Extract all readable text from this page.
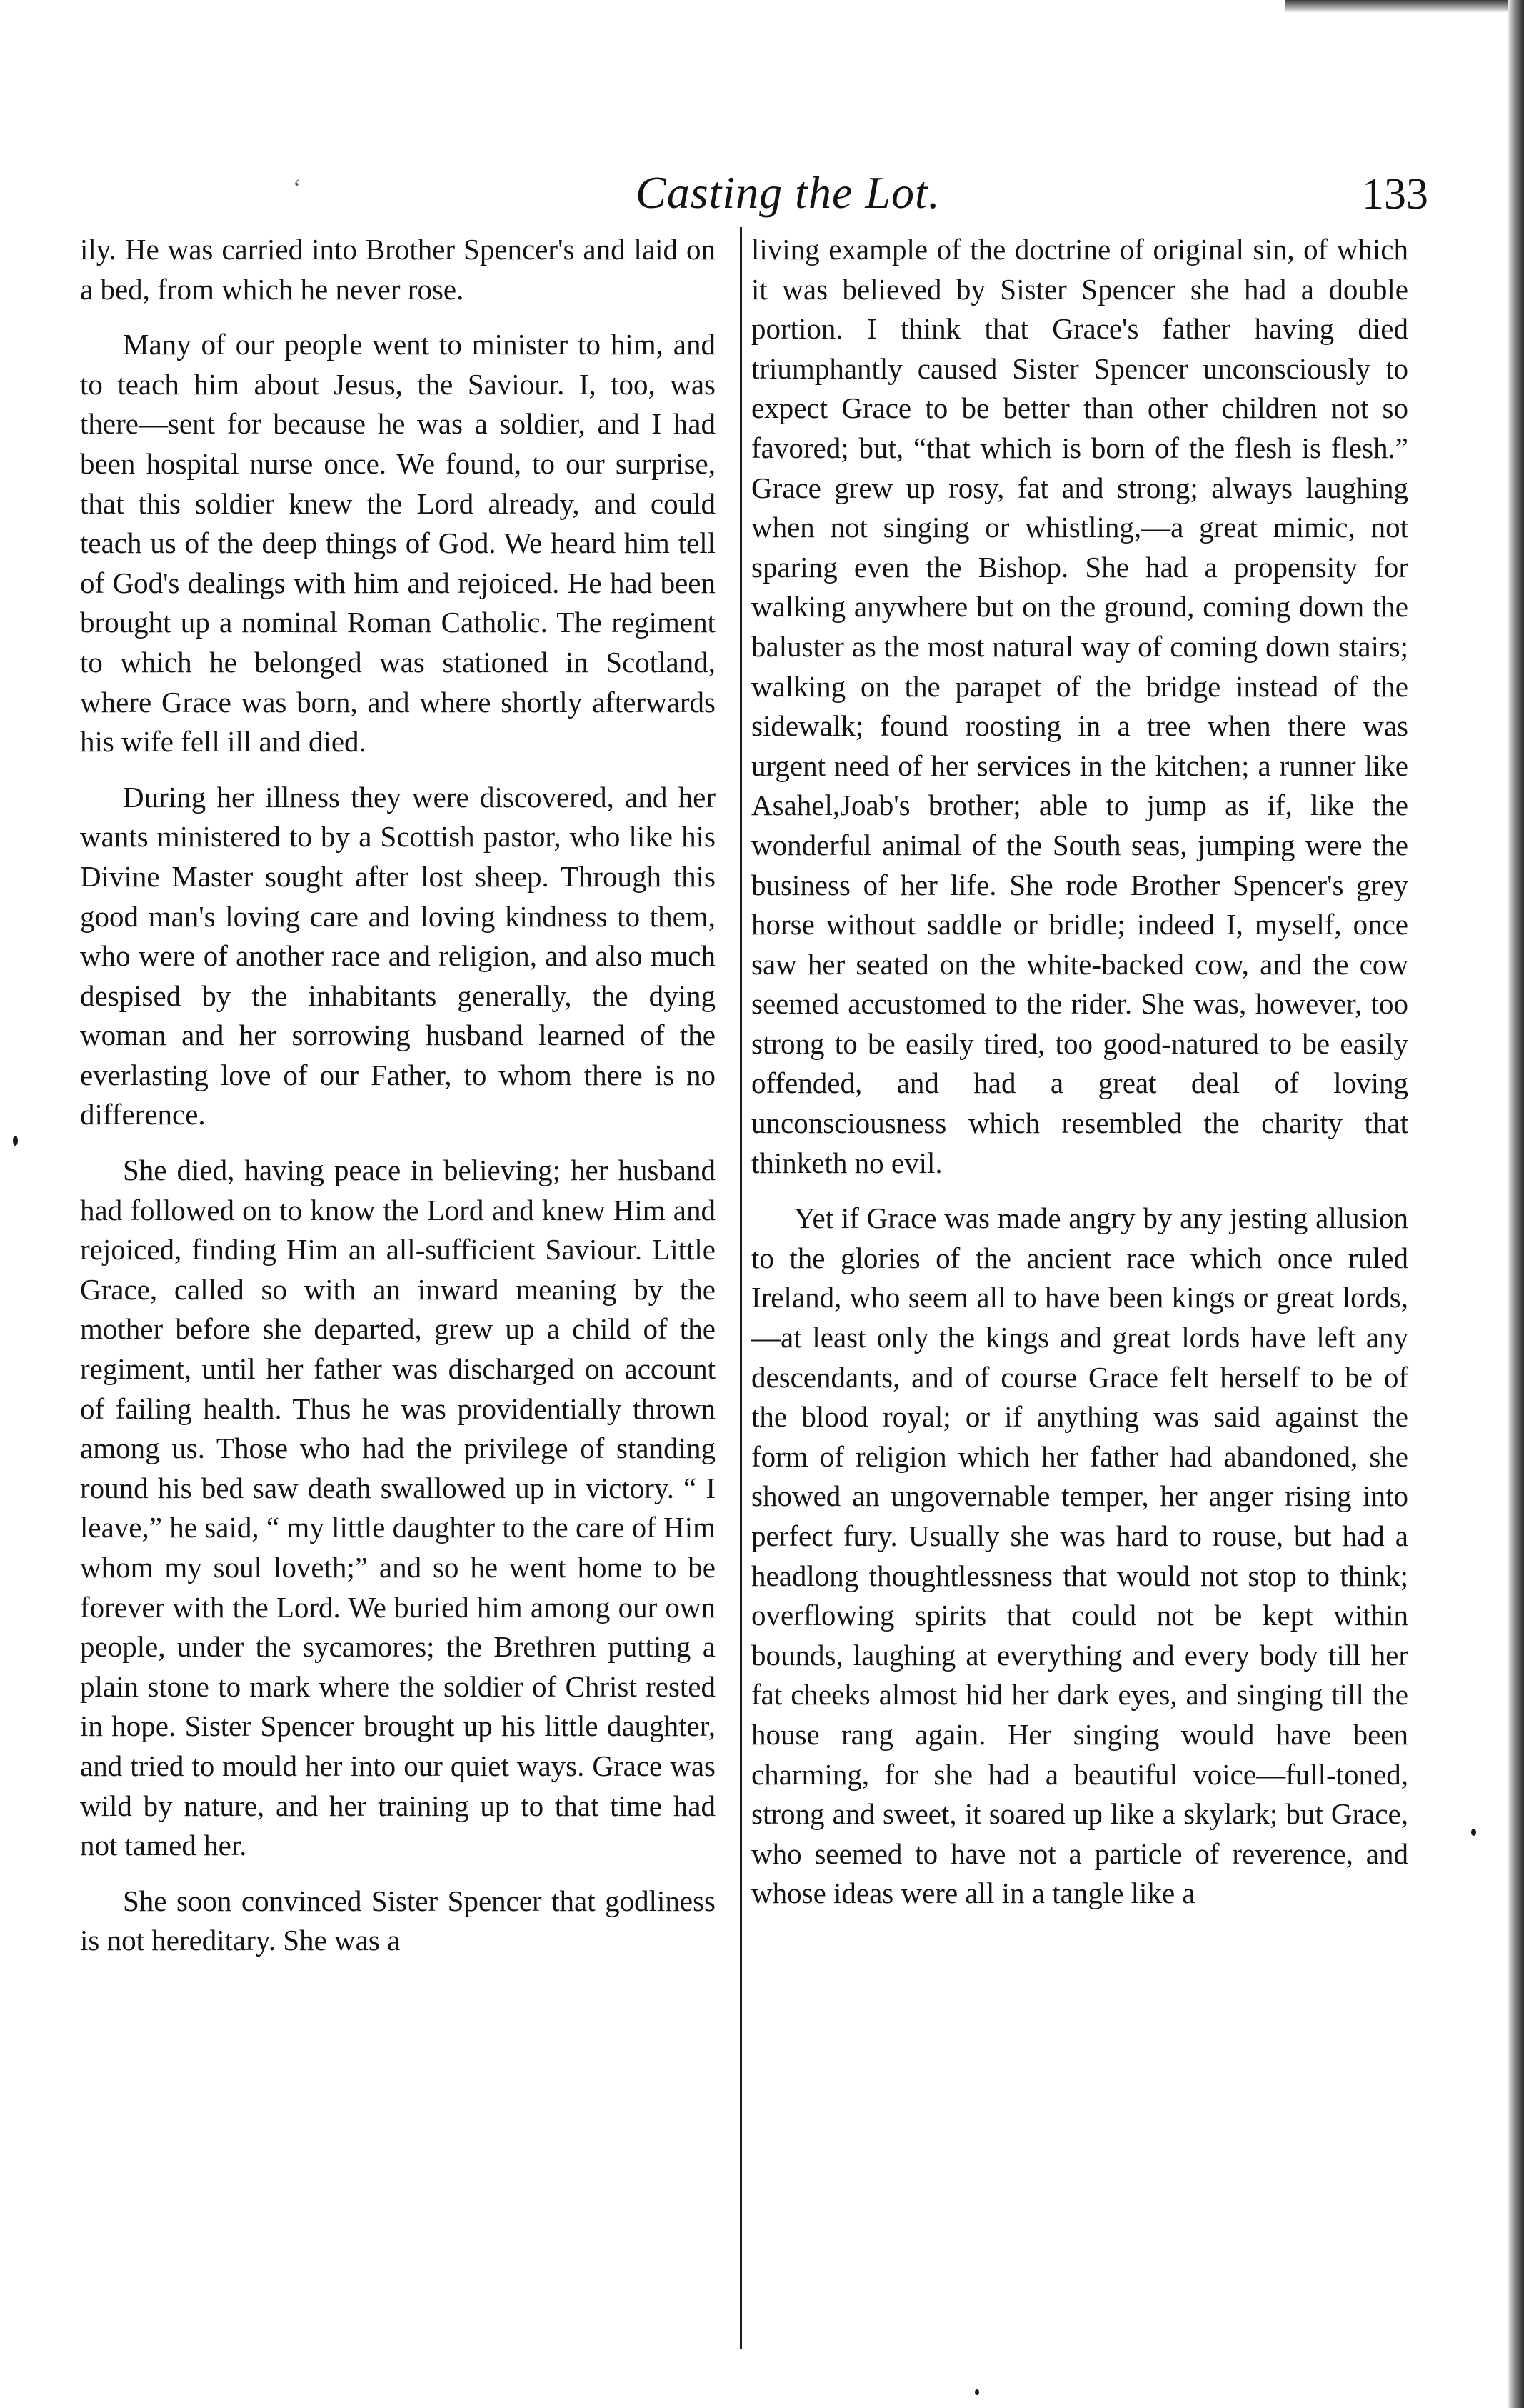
‘	Casting the Lot.	133

ily. He was carried into Brother Spencer's and laid on a bed, from which he never rose.

Many of our people went to minister to him, and to teach him about Jesus, the Saviour. I, too, was there—sent for because he was a soldier, and I had been hospital nurse once. We found, to our surprise, that this soldier knew the Lord already, and could teach us of the deep things of God. We heard him tell of God's dealings with him and rejoiced. He had been brought up a nominal Roman Catholic. The regiment to which he belonged was stationed in Scotland, where Grace was born, and where shortly afterwards his wife fell ill and died.

During her illness they were discovered, and her wants ministered to by a Scottish pastor, who like his Divine Master sought after lost sheep. Through this good man's loving care and loving kindness to them, who were of another race and religion, and also much despised by the inhabitants generally, the dying woman and her sorrowing husband learned of the everlasting love of our Father, to whom there is no difference.

She died, having peace in believing; her husband had followed on to know the Lord and knew Him and rejoiced, finding Him an all-sufficient Saviour. Little Grace, called so with an inward meaning by the mother before she departed, grew up a child of the regiment, until her father was discharged on account of failing health. Thus he was providentially thrown among us. Those who had the privilege of standing round his bed saw death swallowed up in victory. “ I leave,” he said, “ my little daughter to the care of Him whom my soul loveth;” and so he went home to be forever with the Lord. We buried him among our own people, under the sycamores; the Brethren putting a plain stone to mark where the soldier of Christ rested in hope. Sister Spencer brought up his little daughter, and tried to mould her into our quiet ways. Grace was wild by nature, and her training up to that time had not tamed her.

She soon convinced Sister Spencer that godliness is not hereditary. She was a

living example of the doctrine of original sin, of which it was believed by Sister Spencer she had a double portion. I think that Grace's father having died triumphantly caused Sister Spencer unconsciously to expect Grace to be better than other children not so favored; but, “that which is born of the flesh is flesh.” Grace grew up rosy, fat and strong; always laughing when not singing or whistling,—a great mimic, not sparing even the Bishop. She had a propensity for walking anywhere but on the ground, coming down the baluster as the most natural way of coming down stairs; walking on the parapet of the bridge instead of the sidewalk; found roosting in a tree when there was urgent need of her services in the kitchen; a runner like Asahel,Joab's brother; able to jump as if, like the wonderful animal of the South seas, jumping were the business of her life. She rode Brother Spencer's grey horse without saddle or bridle; indeed I, myself, once saw her seated on the white-backed cow, and the cow seemed accustomed to the rider. She was, however, too strong to be easily tired, too good-natured to be easily offended, and had a great deal of loving unconsciousness which resembled the charity that thinketh no evil.

Yet if Grace was made angry by any jesting allusion to the glories of the ancient race which once ruled Ireland, who seem all to have been kings or great lords,—at least only the kings and great lords have left any descendants, and of course Grace felt herself to be of the blood royal; or if anything was said against the form of religion which her father had abandoned, she showed an ungovernable temper, her anger rising into perfect fury. Usually she was hard to rouse, but had a headlong thoughtlessness that would not stop to think; overflowing spirits that could not be kept within bounds, laughing at everything and every body till her fat cheeks almost hid her dark eyes, and singing till the house rang again. Her singing would have been charming, for she had a beautiful voice—full-toned, strong and sweet, it soared up like a skylark; but Grace, who seemed to have not a particle of reverence, and whose ideas were all in a tangle like a
